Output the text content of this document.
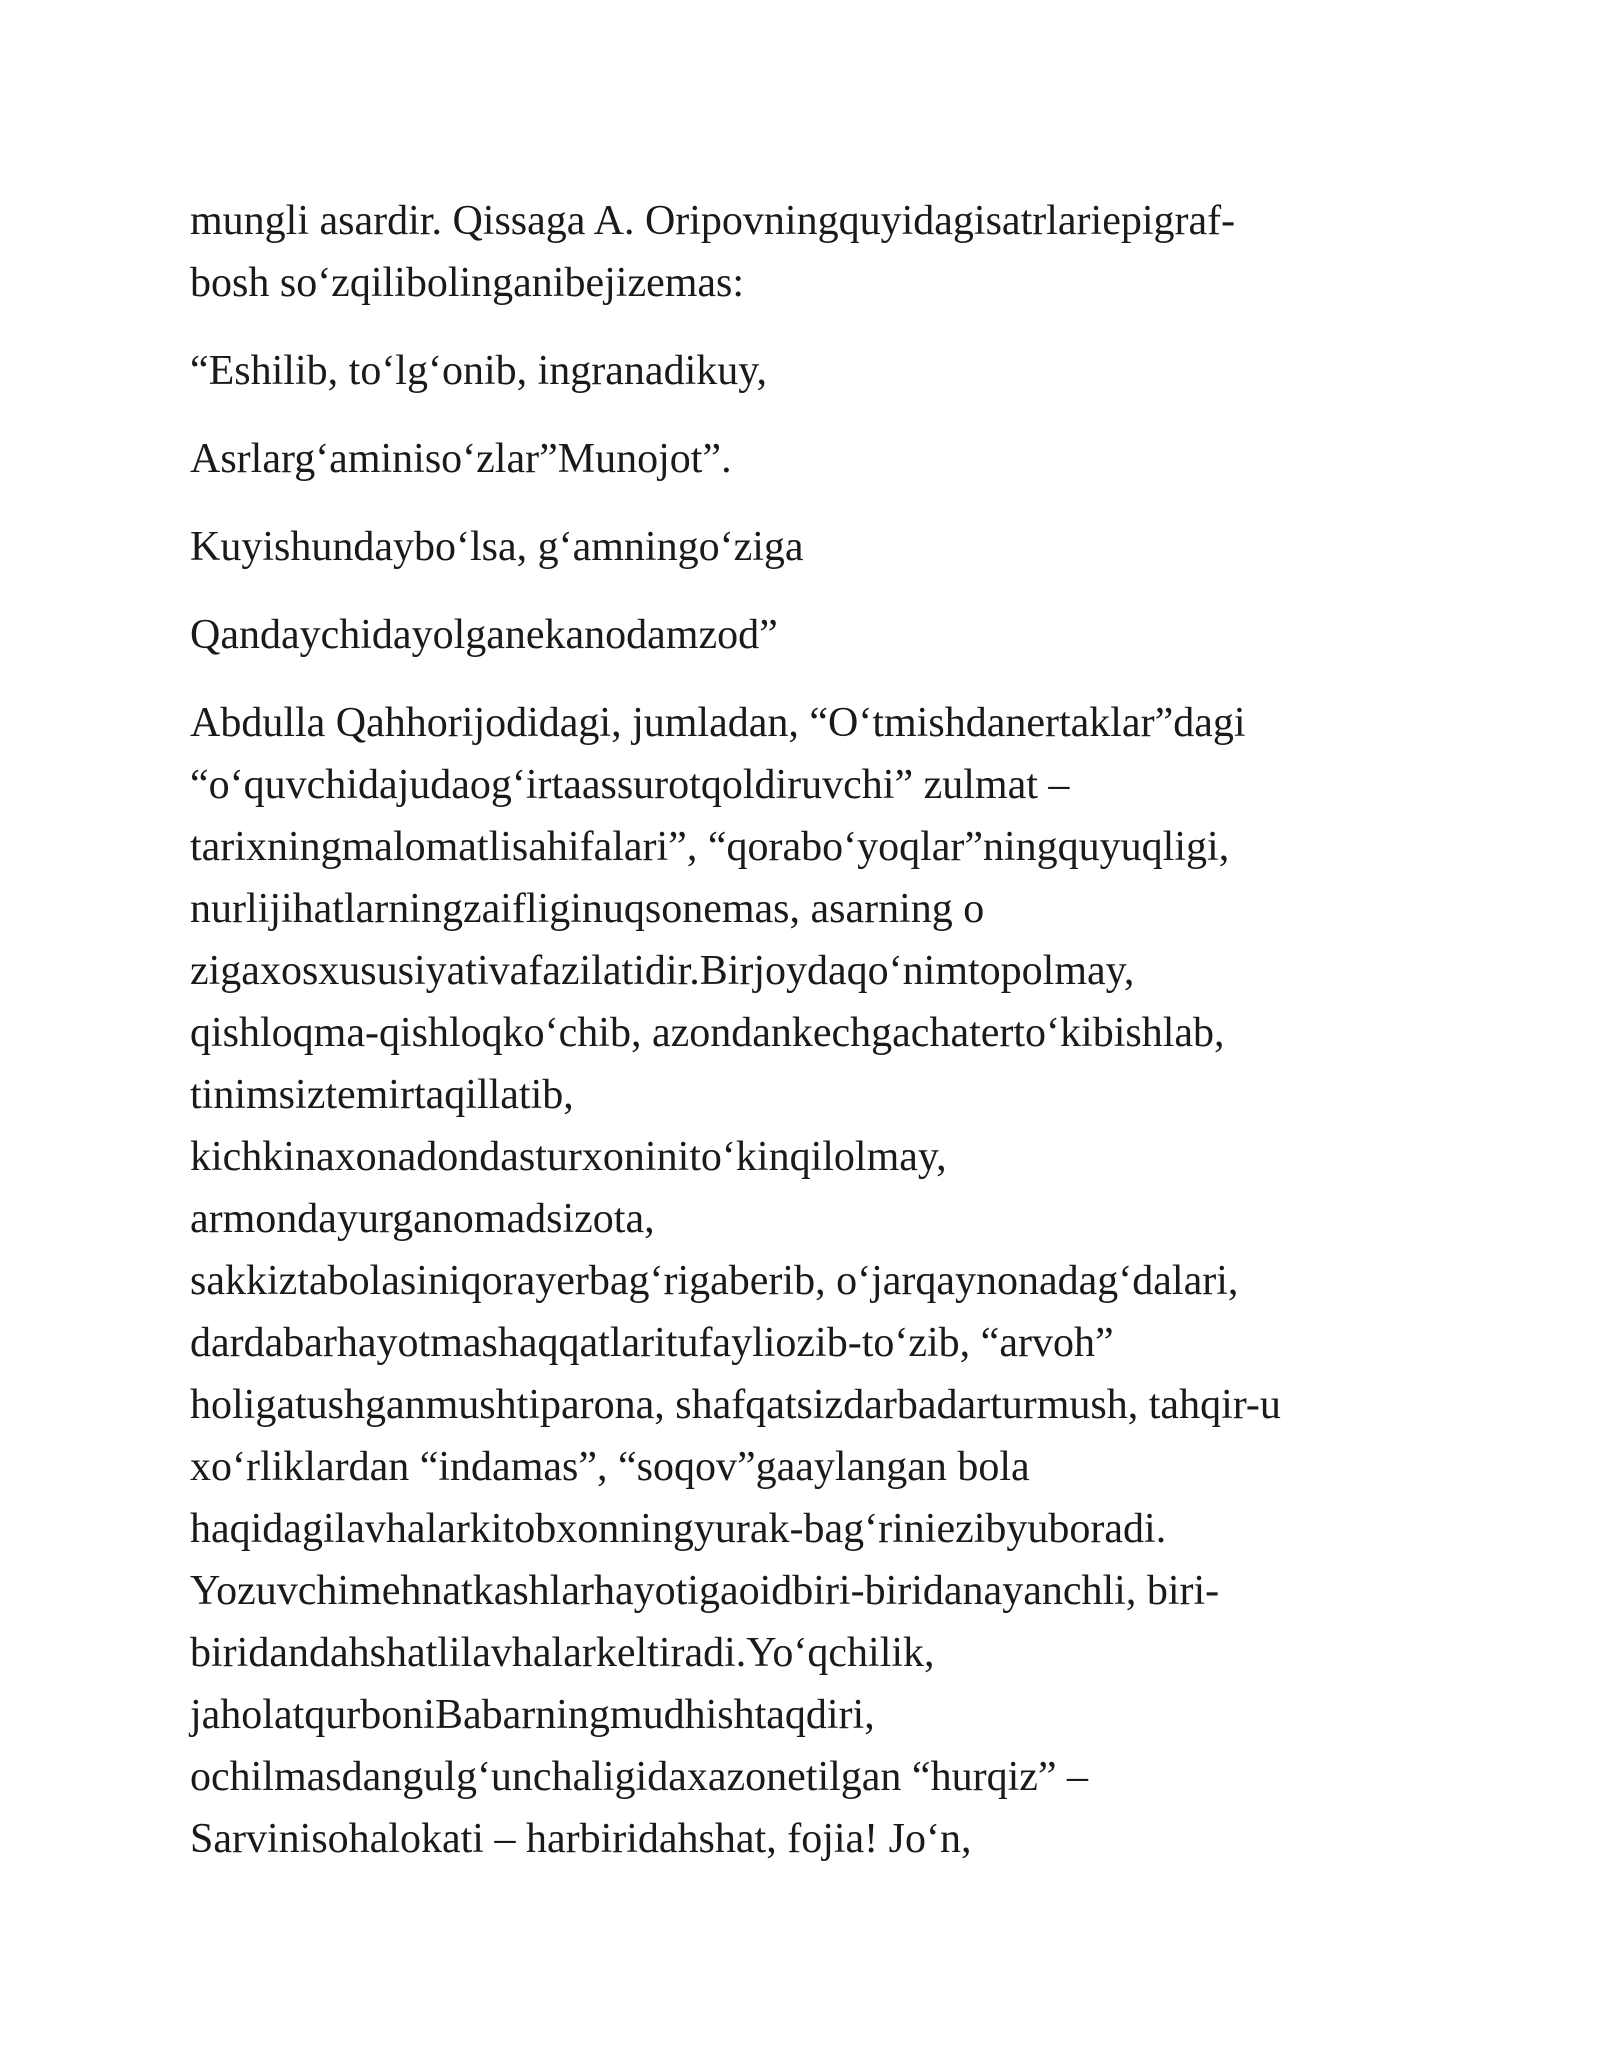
mungli asardir. Qissaga A. Oripovningquyidagisatrlariepigraf-
bosh so‘zqilibolinganibejizemas:
“Eshilib, to‘lg‘onib, ingranadikuy,
Asrlarg‘aminiso‘zlar”Munojot”.
Kuyishundaybo‘lsa, g‘amningo‘ziga
Qandaychidayolganekanodamzod”
Abdulla Qahhorijodidagi, jumladan, “O‘tmishdanertaklar”dagi
“o‘quvchidajudaog‘irtaassurotqoldiruvchi” zulmat –
tarixningmalomatlisahifalari”, “qorabo‘yoqlar”ningquyuqligi,
nurlijihatlarningzaifliginuqsonemas, asarning o
zigaxosxususiyativafazilatidir.Birjoydaqo‘nimtopolmay,
qishloqma-qishloqko‘chib, azondankechgachaterto‘kibishlab,
tinimsiztemirtaqillatib,
kichkinaxonadondasturxoninito‘kinqilolmay,
armondayurganomadsizota,
sakkiztabolasiniqorayerbag‘rigaberib, o‘jarqaynonadag‘dalari,
dardabarhayotmashaqqatlaritufayliozib-to‘zib, “arvoh”
holigatushganmushtiparona, shafqatsizdarbadarturmush, tahqir-u
xo‘rliklardan “indamas”, “soqov”gaaylangan bola
haqidagilavhalarkitobxonningyurak-bag‘riniezibyuboradi.
Yozuvchimehnatkashlarhayotigaoidbiri-biridanayanchli, biri-
biridandahshatlilavhalarkeltiradi.Yo‘qchilik,
jaholatqurboniBabarningmudhishtaqdiri,
ochilmasdangulg‘unchaligidaxazonetilgan “hurqiz” –
Sarvinisohalokati – harbiridahshat, fojia! Jo‘n,
